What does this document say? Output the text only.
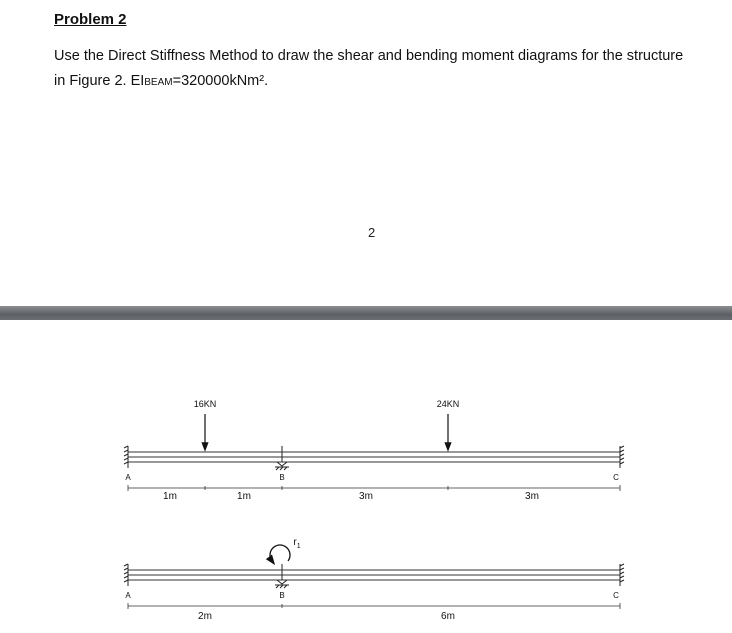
Problem 2
Use the Direct Stiffness Method to draw the shear and bending moment diagrams for the structure
in Figure 2. EIBEAM=320000kNm².
2
16KN	24KN
A	B	C
1m	1m	3m	3m
$r_1$
A	B	C
2m	6m
